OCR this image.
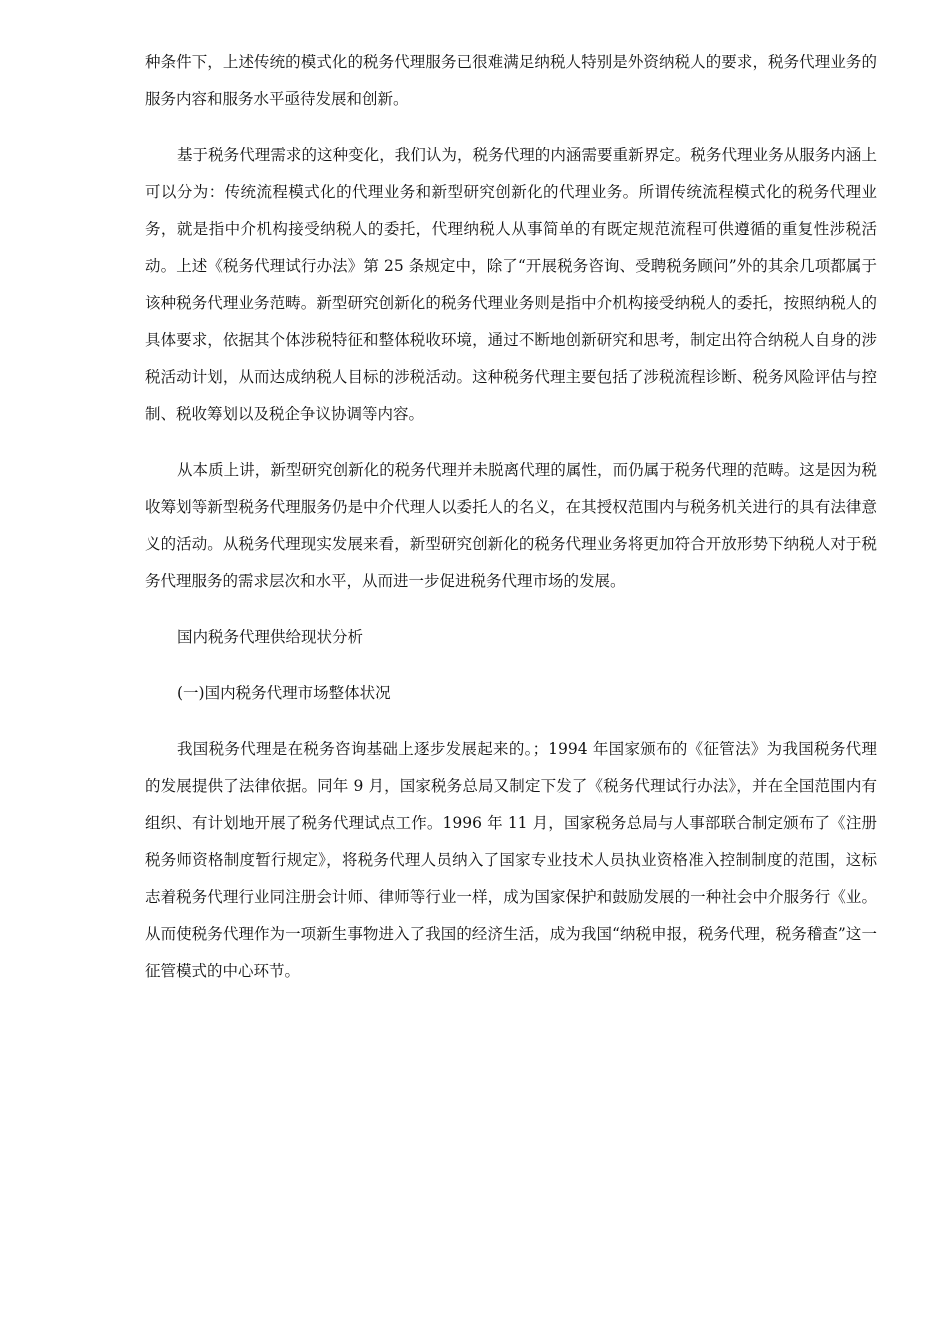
种条件下，上述传统的模式化的税务代理服务已很难满足纳税人特别是外资纳税人的要求，税务代理业务的服务内容和服务水平亟待发展和创新。

基于税务代理需求的这种变化，我们认为，税务代理的内涵需要重新界定。税务代理业务从服务内涵上可以分为：传统流程模式化的代理业务和新型研究创新化的代理业务。所谓传统流程模式化的税务代理业务，就是指中介机构接受纳税人的委托，代理纳税人从事简单的有既定规范流程可供遵循的重复性涉税活动。上述《税务代理试行办法》第 25 条规定中，除了“开展税务咨询、受聘税务顾问”外的其余几项都属于该种税务代理业务范畴。新型研究创新化的税务代理业务则是指中介机构接受纳税人的委托，按照纳税人的具体要求，依据其个体涉税特征和整体税收环境，通过不断地创新研究和思考，制定出符合纳税人自身的涉税活动计划，从而达成纳税人目标的涉税活动。这种税务代理主要包括了涉税流程诊断、税务风险评估与控制、税收筹划以及税企争议协调等内容。

从本质上讲，新型研究创新化的税务代理并未脱离代理的属性，而仍属于税务代理的范畴。这是因为税收筹划等新型税务代理服务仍是中介代理人以委托人的名义，在其授权范围内与税务机关进行的具有法律意义的活动。从税务代理现实发展来看，新型研究创新化的税务代理业务将更加符合开放形势下纳税人对于税务代理服务的需求层次和水平，从而进一步促进税务代理市场的发展。

国内税务代理供给现状分析

(一)国内税务代理市场整体状况

我国税务代理是在税务咨询基础上逐步发展起来的。；1994 年国家颁布的《征管法》为我国税务代理的发展提供了法律依据。同年 9 月，国家税务总局又制定下发了《税务代理试行办法》，并在全国范围内有组织、有计划地开展了税务代理试点工作。1996 年 11 月，国家税务总局与人事部联合制定颁布了《注册税务师资格制度暂行规定》，将税务代理人员纳入了国家专业技术人员执业资格准入控制制度的范围，这标志着税务代理行业同注册会计师、律师等行业一样，成为国家保护和鼓励发展的一种社会中介服务行《业。从而使税务代理作为一项新生事物进入了我国的经济生活，成为我国“纳税申报，税务代理，税务稽查”这一征管模式的中心环节。
